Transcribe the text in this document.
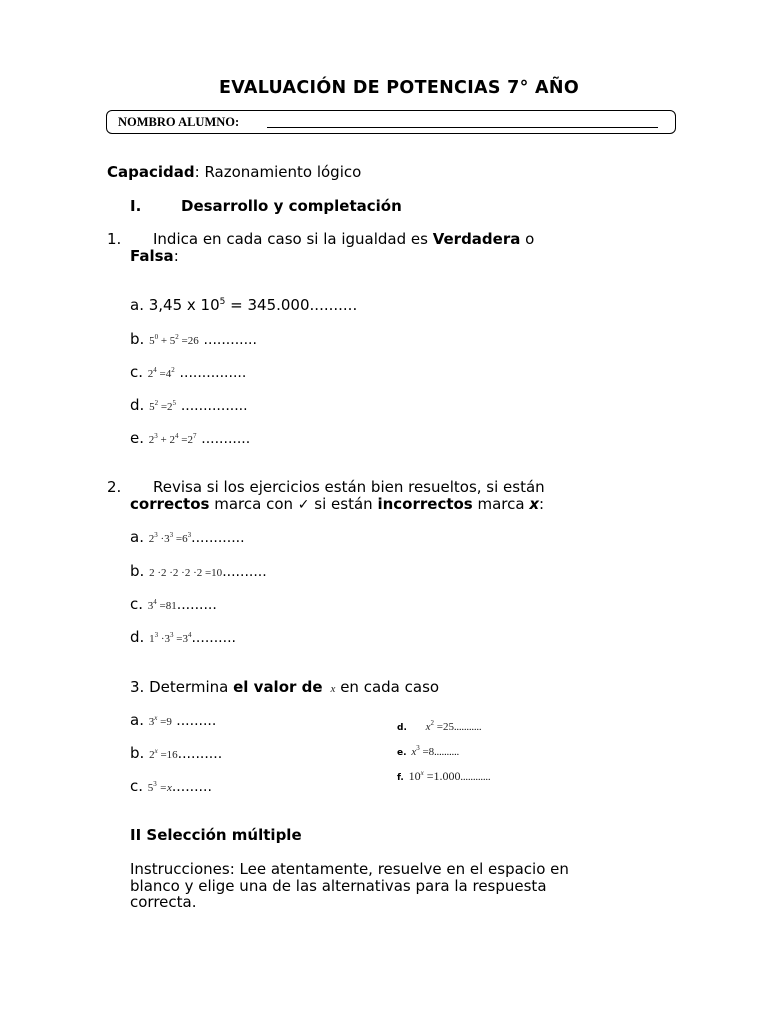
EVALUACIÓN DE POTENCIAS 7° AÑO
NOMBRO ALUMNO:
Capacidad: Razonamiento lógico
I.	Desarrollo y completación
1. Indica en cada caso si la igualdad es Verdadera o
Falsa:
a. 3,45 x $10^5 = 345.000$..........
b. $5^0 + 5^2 =26$ ............
c. $2^4 =4^2$ ...............
d. $5^2 =2^5$ ...............
e. $2^3 + 2^4 =2^7$ ...........
2. Revisa si los ejercicios están bien resueltos, si están
correctos marca con ✓ si están incorrectos marca x:
a. $2^3 \cdot 3^3 =6^3$............
b. 2 ·2 ·2 ·2 ·2 =10..........
c. $3^4 =81$.........
d. $1^3 \cdot 3^3 =3^4$..........
3. Determina el valor de x en cada caso
a. $3^x =9$ .........
b. $2^x =16$..........
c. $5^3 =x$.........
d. $x^2 =25$...........
e. $x^3 =8$..........
f. $10^x =1.000$............
II Selección múltiple
Instrucciones: Lee atentamente, resuelve en el espacio en
blanco y elige una de las alternativas para la respuesta
correcta.
